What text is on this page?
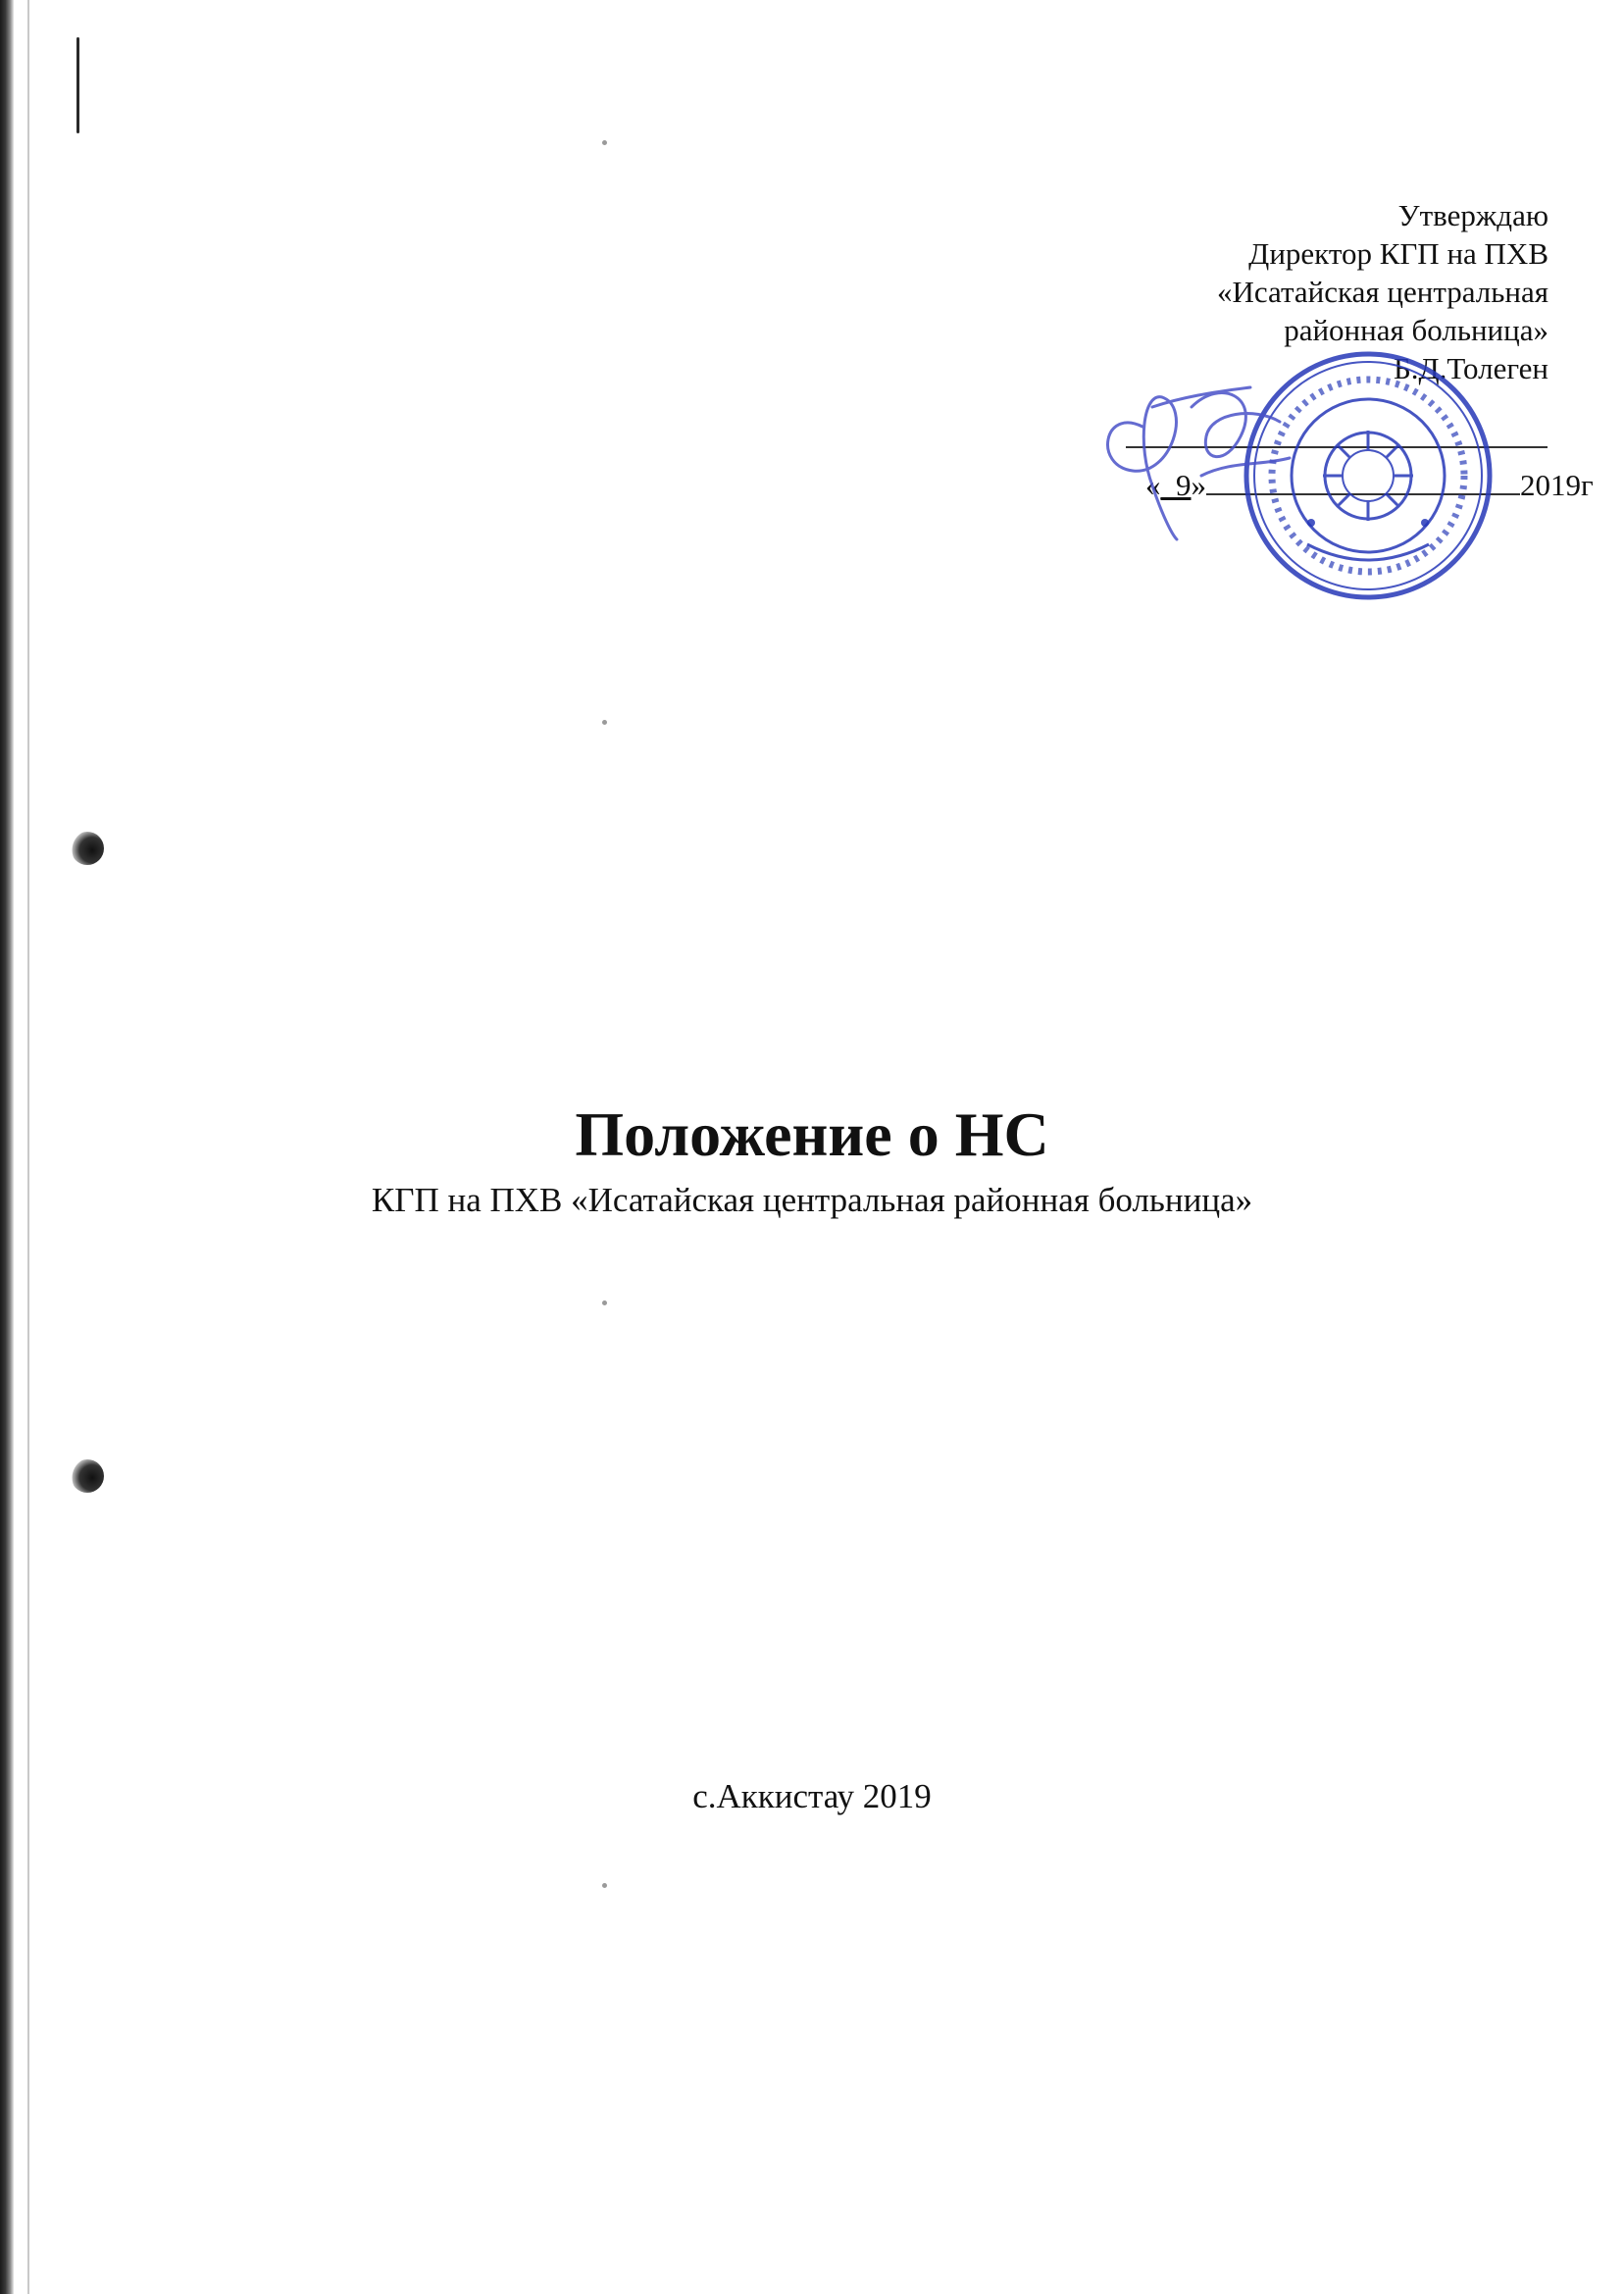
Утверждаю
Директор КГП на ПХВ
«Исатайская центральная
районная больница»
Б.Д.Толеген
«_9»	2019г
Положение о НС
КГП на ПХВ «Исатайская центральная районная больница»
с.Аккистау 2019
